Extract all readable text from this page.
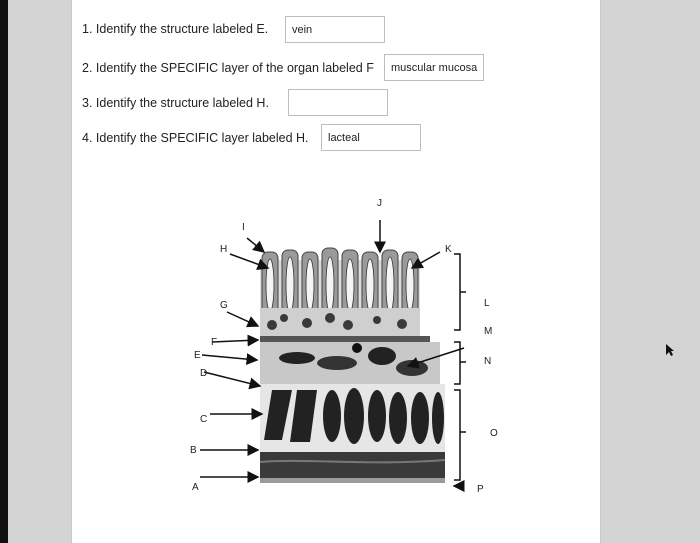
1. Identify the structure labeled E.	vein
2. Identify the SPECIFIC layer of the organ labeled F	muscular mucosa
3. Identify the structure labeled H.
4. Identify the SPECIFIC layer labeled H.	lacteal
I
J
H	K
G	L
F
M
E
N
D
C
O
B
A	P
